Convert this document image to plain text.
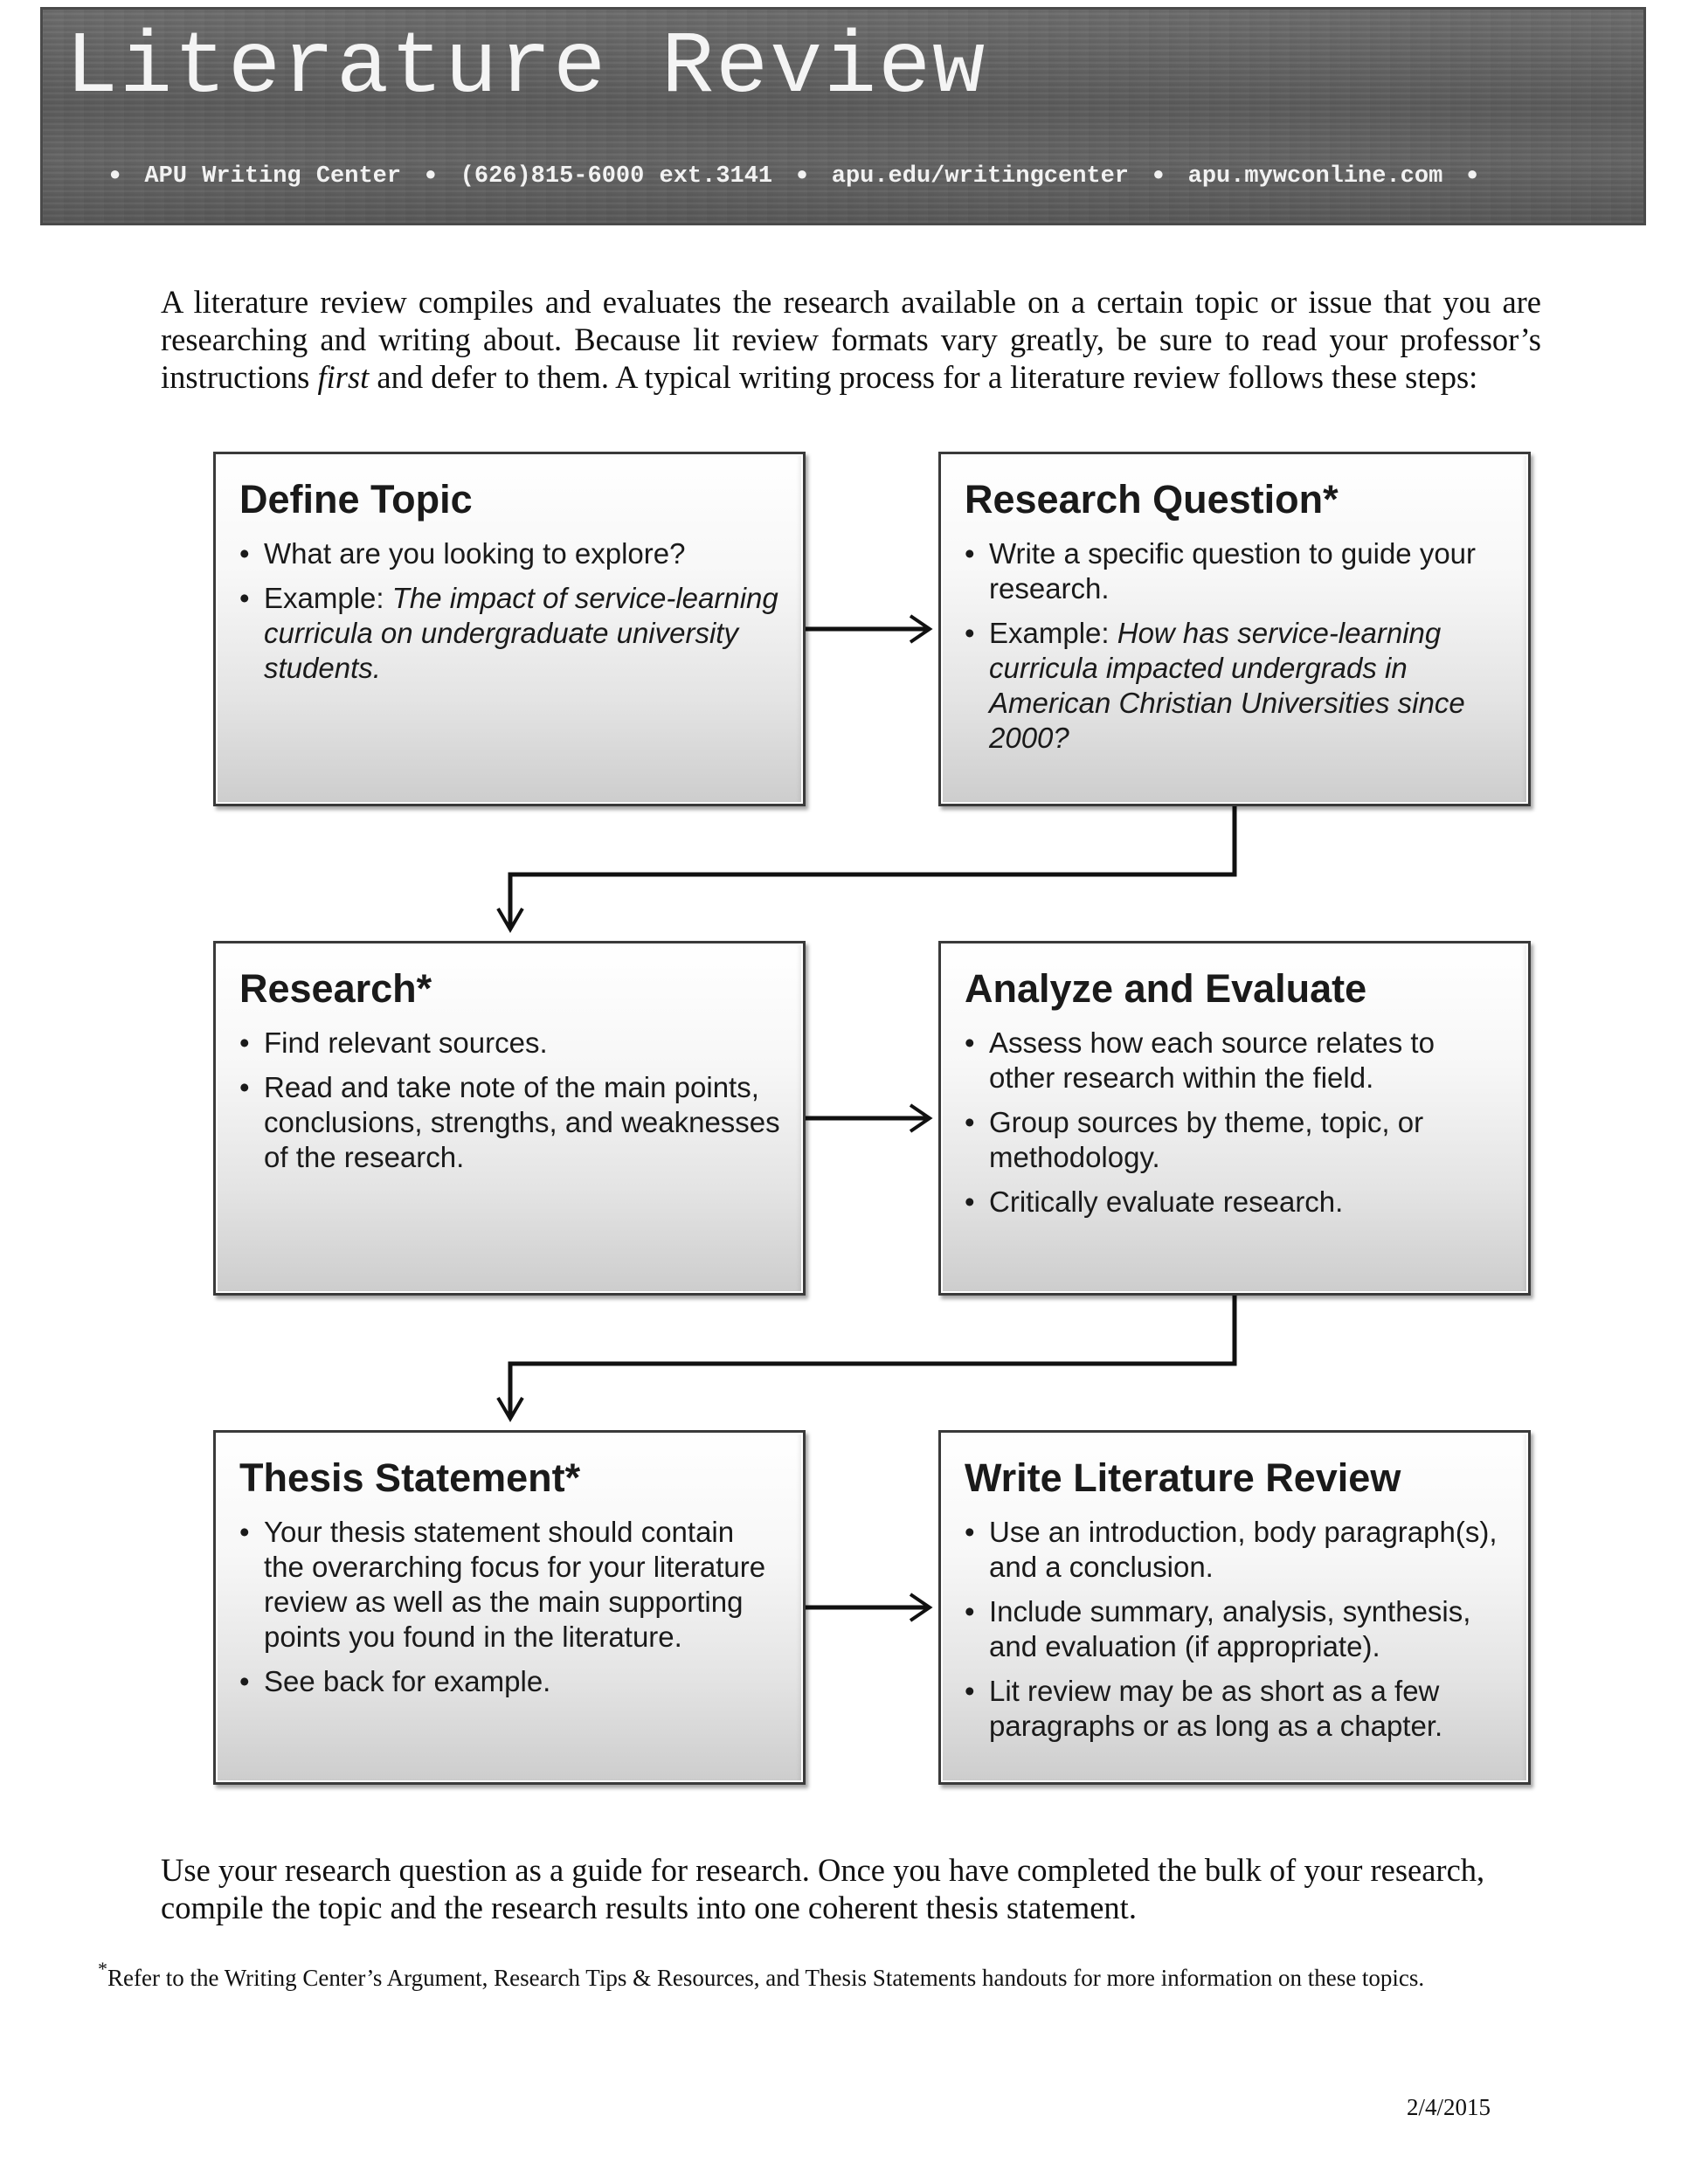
Literature Review
● APU Writing Center ● (626)815-6000 ext.3141 ● apu.edu/writingcenter ● apu.mywconline.com ●

A literature review compiles and evaluates the research available on a certain topic or issue that you are researching and writing about. Because lit review formats vary greatly, be sure to read your professor’s instructions first and defer to them. A typical writing process for a literature review follows these steps:

Define Topic
• What are you looking to explore?
• Example: The impact of service-learning curricula on undergraduate university students.
Research Question*
• Write a specific question to guide your research.
• Example: How has service-learning curricula impacted undergrads in American Christian Universities since 2000?
Research*
• Find relevant sources.
• Read and take note of the main points, conclusions, strengths, and weaknesses of the research.
Analyze and Evaluate
• Assess how each source relates to other research within the field.
• Group sources by theme, topic, or methodology.
• Critically evaluate research.
Thesis Statement*
• Your thesis statement should contain the overarching focus for your literature review as well as the main supporting points you found in the literature.
• See back for example.
Write Literature Review
• Use an introduction, body paragraph(s), and a conclusion.
• Include summary, analysis, synthesis, and evaluation (if appropriate).
• Lit review may be as short as a few paragraphs or as long as a chapter.

Use your research question as a guide for research. Once you have completed the bulk of your research, compile the topic and the research results into one coherent thesis statement.

*Refer to the Writing Center’s Argument, Research Tips & Resources, and Thesis Statements handouts for more information on these topics.

2/4/2015
